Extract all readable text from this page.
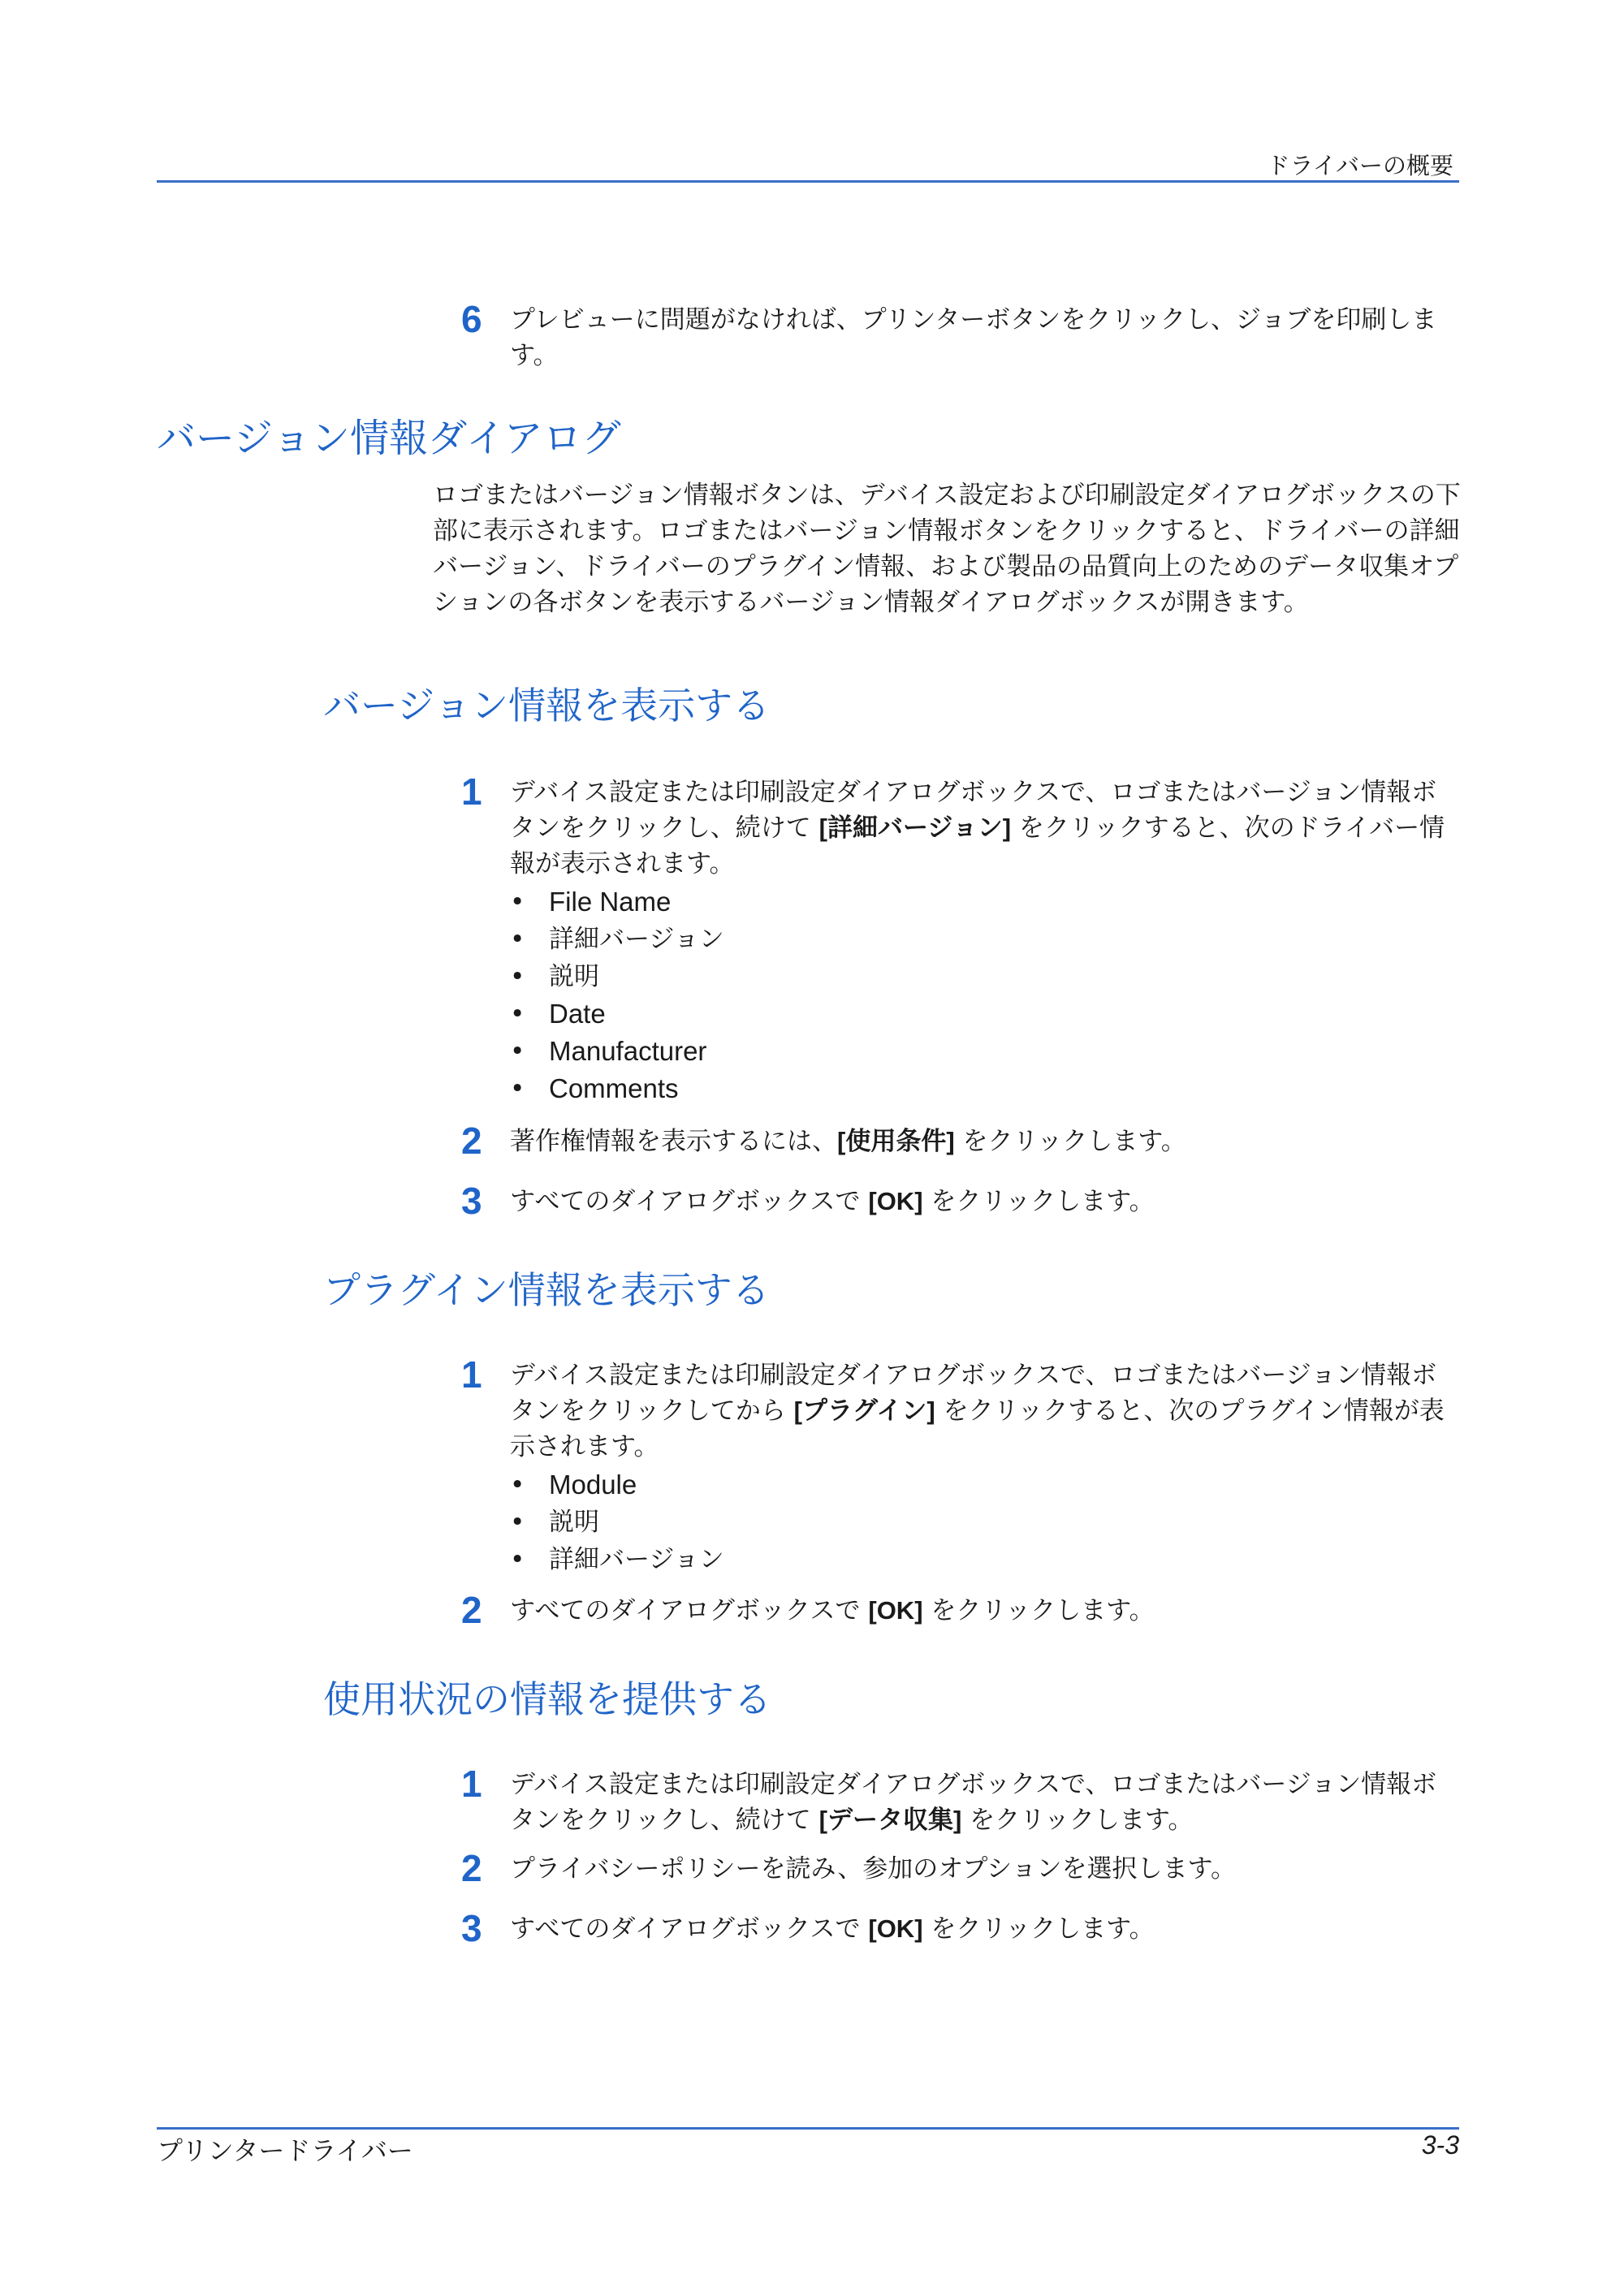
ドライバーの概要
6 プレビューに問題がなければ、プリンターボタンをクリックし、ジョブを印刷します。
バージョン情報ダイアログ
ロゴまたはバージョン情報ボタンは、デバイス設定および印刷設定ダイアログボックスの下部に表示されます。ロゴまたはバージョン情報ボタンをクリックすると、ドライバーの詳細バージョン、ドライバーのプラグイン情報、および製品の品質向上のためのデータ収集オプションの各ボタンを表示するバージョン情報ダイアログボックスが開きます。
バージョン情報を表示する
1 デバイス設定または印刷設定ダイアログボックスで、ロゴまたはバージョン情報ボタンをクリックし、続けて [詳細バージョン] をクリックすると、次のドライバー情報が表示されます。
• File Name
• 詳細バージョン
• 説明
• Date
• Manufacturer
• Comments
2 著作権情報を表示するには、[使用条件] をクリックします。
3 すべてのダイアログボックスで [OK] をクリックします。
プラグイン情報を表示する
1 デバイス設定または印刷設定ダイアログボックスで、ロゴまたはバージョン情報ボタンをクリックしてから [プラグイン] をクリックすると、次のプラグイン情報が表示されます。
• Module
• 説明
• 詳細バージョン
2 すべてのダイアログボックスで [OK] をクリックします。
使用状況の情報を提供する
1 デバイス設定または印刷設定ダイアログボックスで、ロゴまたはバージョン情報ボタンをクリックし、続けて [データ収集] をクリックします。
2 プライバシーポリシーを読み、参加のオプションを選択します。
3 すべてのダイアログボックスで [OK] をクリックします。
プリンタードライバー	3-3
